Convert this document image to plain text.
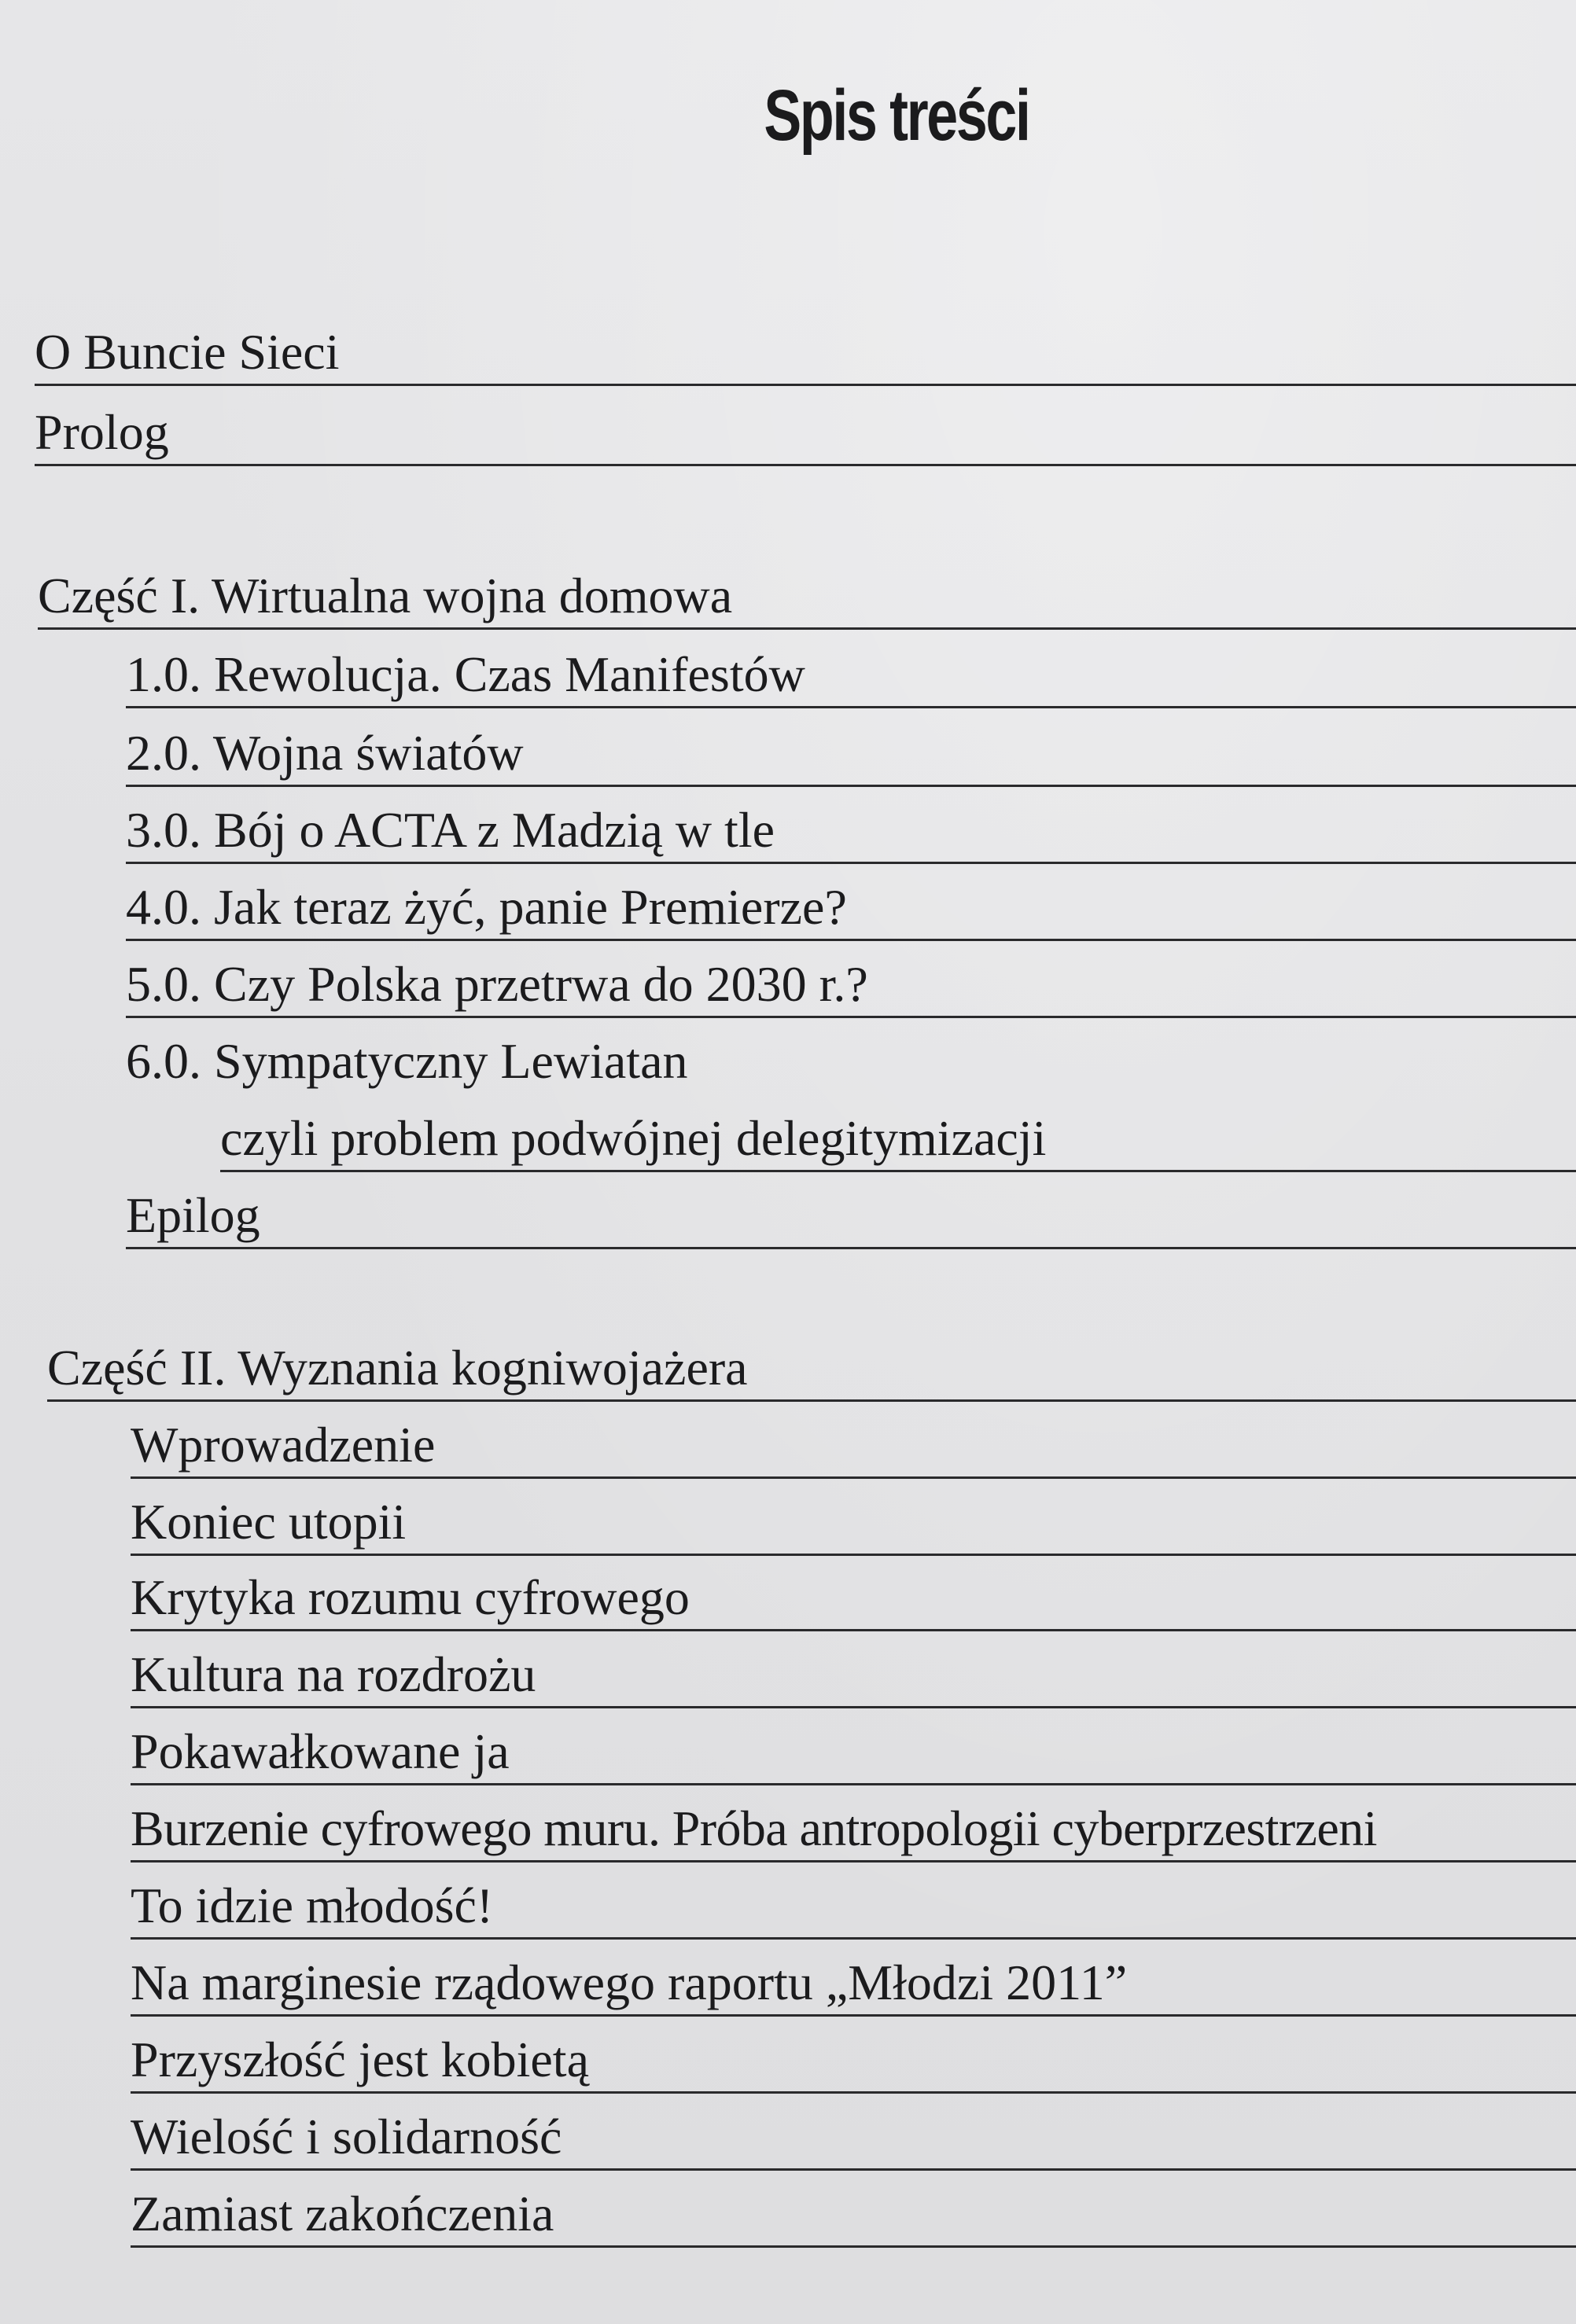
Spis treści
O Buncie Sieci
Prolog
Część I. Wirtualna wojna domowa
1.0. Rewolucja. Czas Manifestów
2.0. Wojna światów
3.0. Bój o ACTA z Madzią w tle
4.0. Jak teraz żyć, panie Premierze?
5.0. Czy Polska przetrwa do 2030 r.?
6.0. Sympatyczny Lewiatan
czyli problem podwójnej delegitymizacji
Epilog
Część II. Wyznania kogniwojażera
Wprowadzenie
Koniec utopii
Krytyka rozumu cyfrowego
Kultura na rozdrożu
Pokawałkowane ja
Burzenie cyfrowego muru. Próba antropologii cyberprzestrzeni
To idzie młodość!
Na marginesie rządowego raportu „Młodzi 2011”
Przyszłość jest kobietą
Wielość i solidarność
Zamiast zakończenia
